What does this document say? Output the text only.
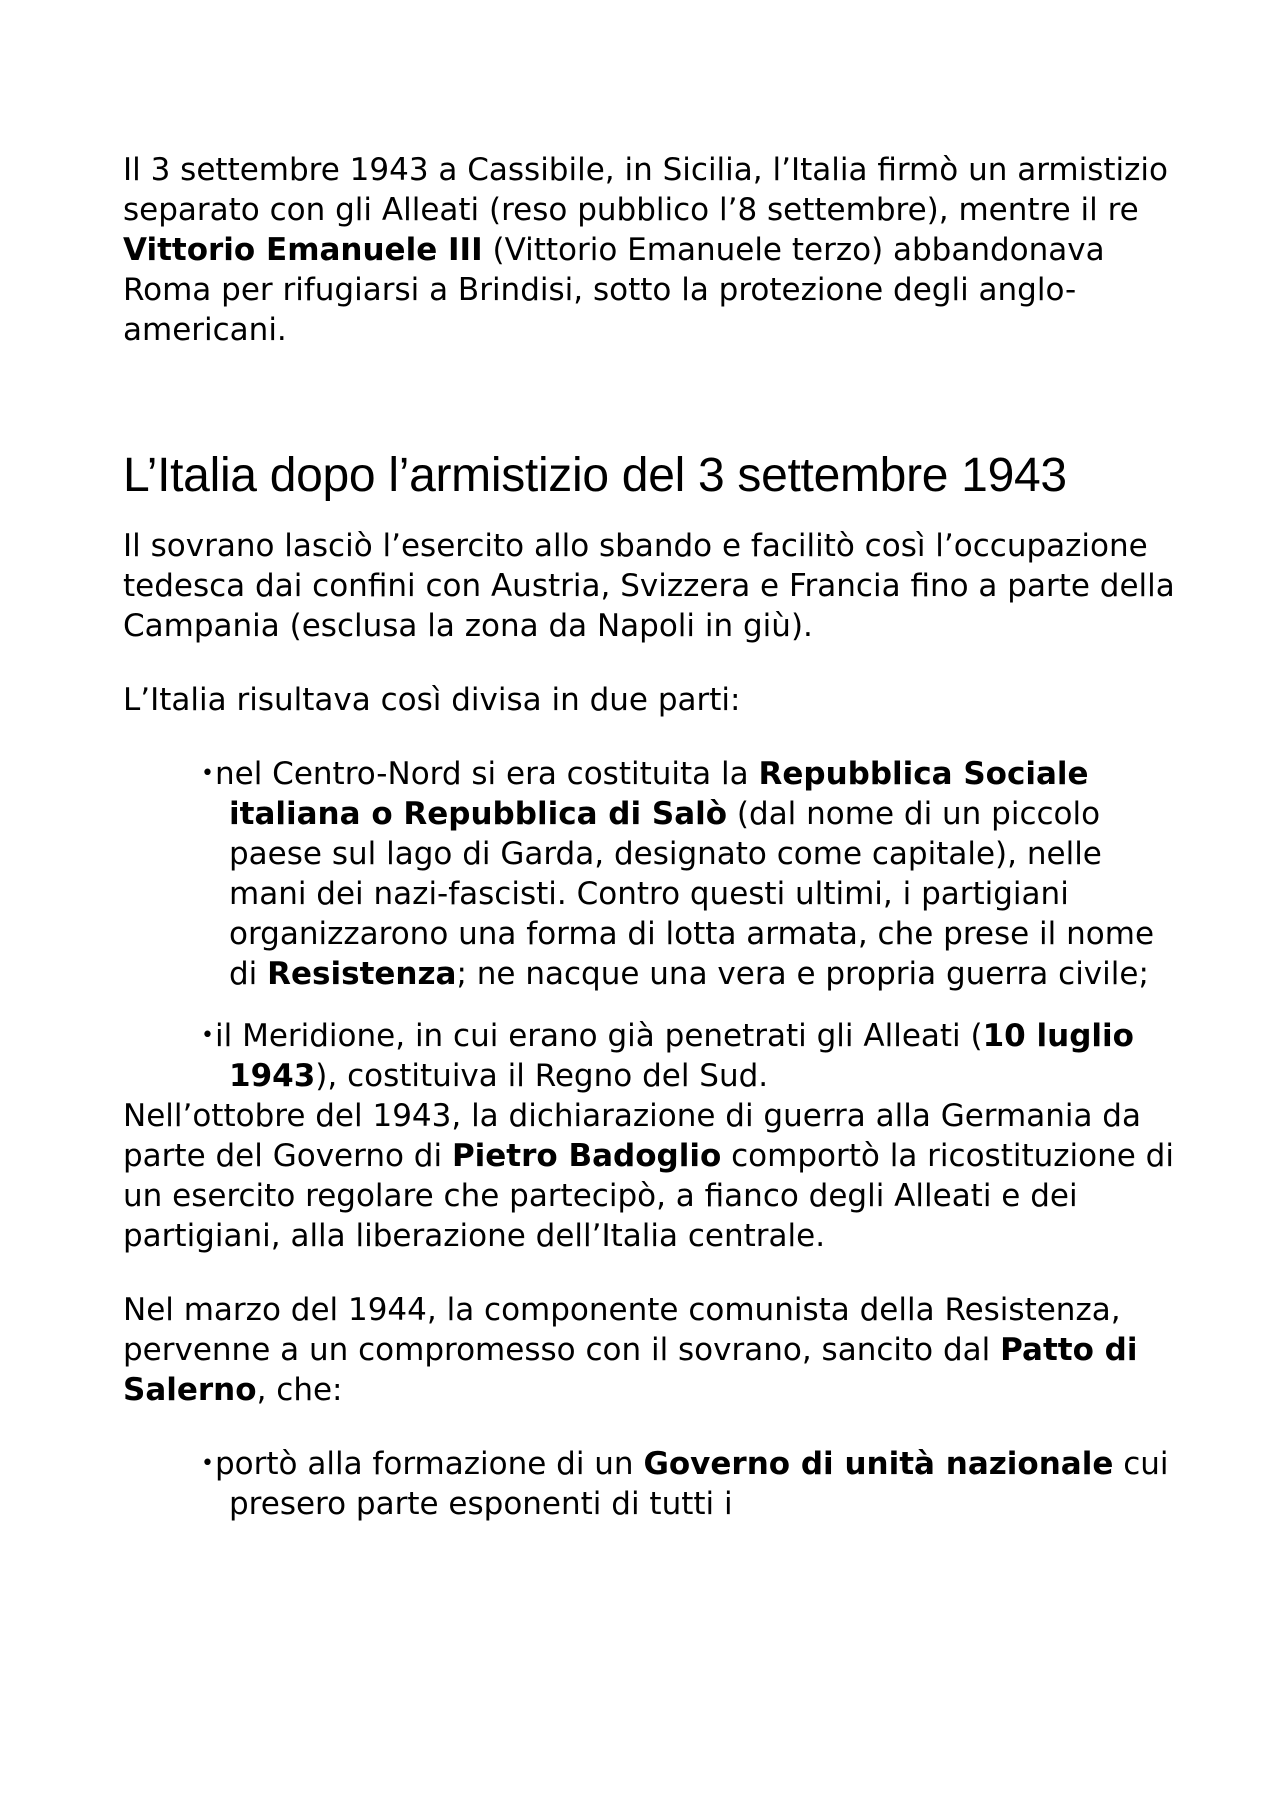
Il 3 settembre 1943 a Cassibile, in Sicilia, l’Italia firmò un armistizio separato con gli Alleati (reso pubblico l’8 settembre), mentre il re Vittorio Emanuele III (Vittorio Emanuele terzo) abbandonava Roma per rifugiarsi a Brindisi, sotto la protezione degli anglo-americani.

L’Italia dopo l’armistizio del 3 settembre 1943

Il sovrano lasciò l’esercito allo sbando e facilitò così l’occupazione tedesca dai confini con Austria, Svizzera e Francia fino a parte della Campania (esclusa la zona da Napoli in giù).

L’Italia risultava così divisa in due parti:

•nel Centro-Nord si era costituita la Repubblica Sociale italiana o Repubblica di Salò (dal nome di un piccolo paese sul lago di Garda, designato come capitale), nelle mani dei nazi-fascisti. Contro questi ultimi, i partigiani organizzarono una forma di lotta armata, che prese il nome di Resistenza; ne nacque una vera e propria guerra civile;
•il Meridione, in cui erano già penetrati gli Alleati (10 luglio 1943), costituiva il Regno del Sud.

Nell’ottobre del 1943, la dichiarazione di guerra alla Germania da parte del Governo di Pietro Badoglio comportò la ricostituzione di un esercito regolare che partecipò, a fianco degli Alleati e dei partigiani, alla liberazione dell’Italia centrale.

Nel marzo del 1944, la componente comunista della Resistenza, pervenne a un compromesso con il sovrano, sancito dal Patto di Salerno, che:

•portò alla formazione di un Governo di unità nazionale cui presero parte esponenti di tutti i
